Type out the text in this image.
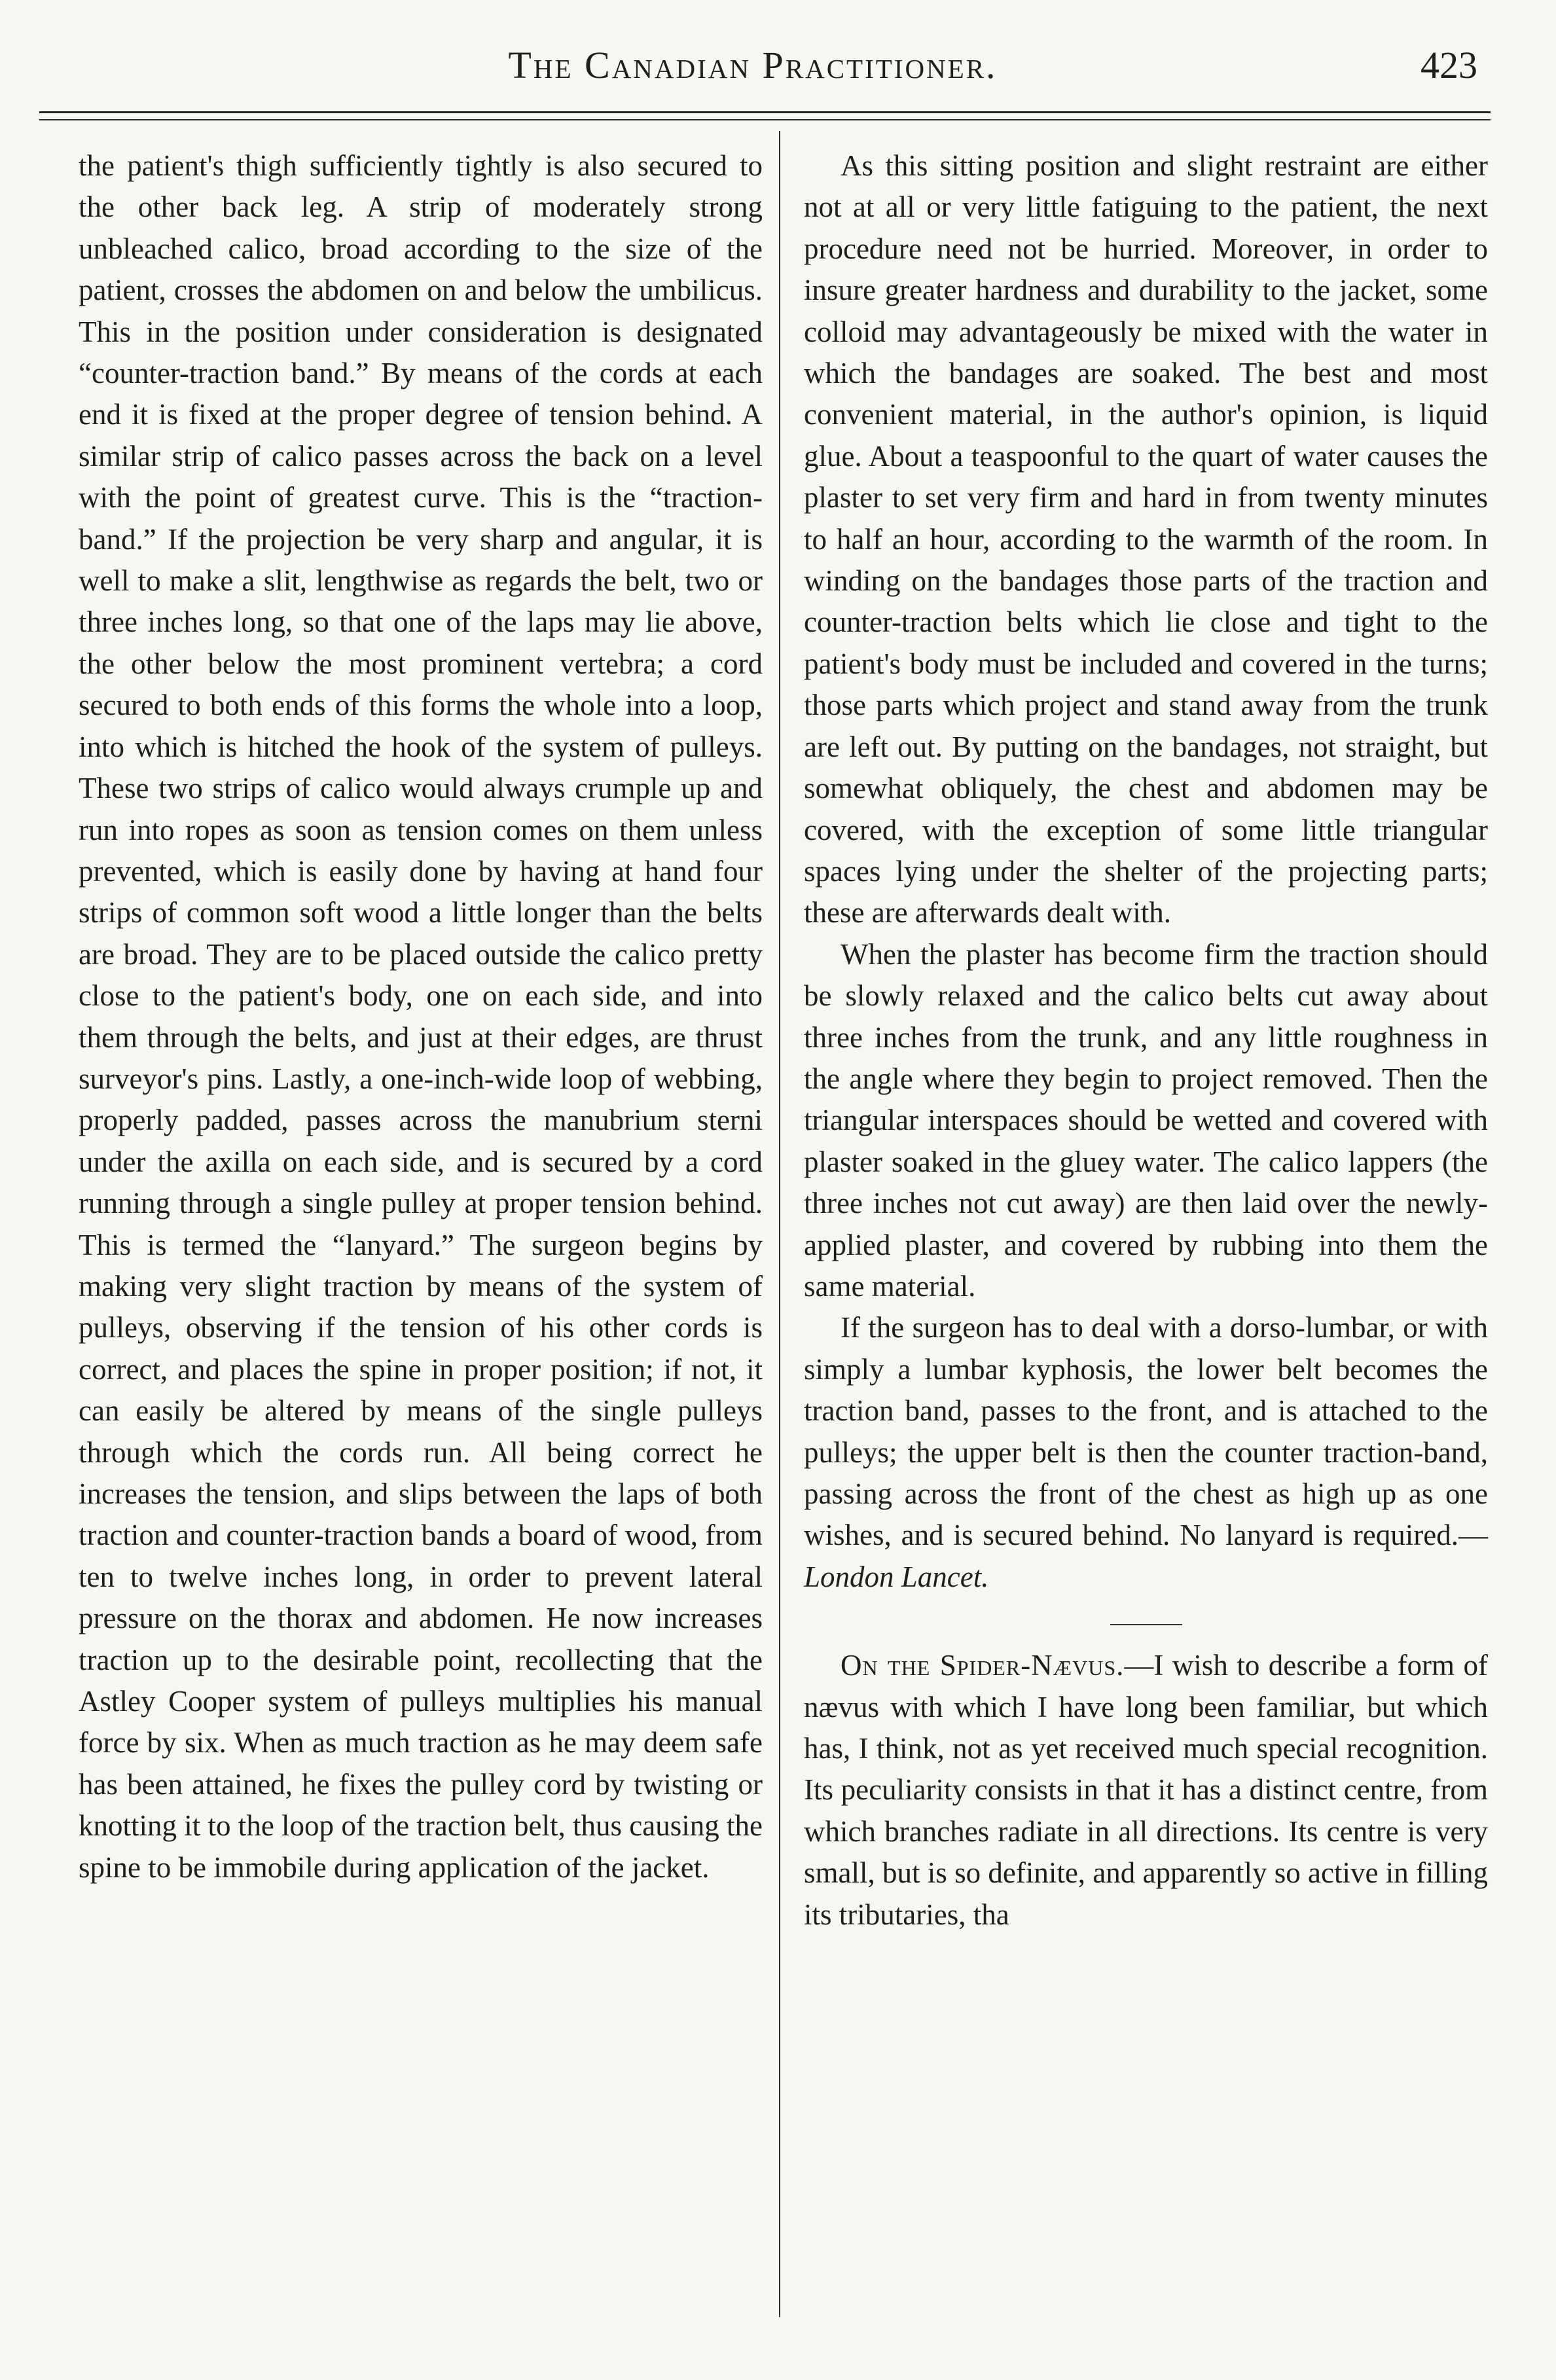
The Canadian Practitioner.	423

the patient's thigh sufficiently tightly is also secured to the other back leg. A strip of moderately strong unbleached calico, broad according to the size of the patient, crosses the abdomen on and below the umbilicus. This in the position under consideration is designated “counter-traction band.” By means of the cords at each end it is fixed at the proper degree of tension behind. A similar strip of calico passes across the back on a level with the point of greatest curve. This is the “traction-band.” If the projection be very sharp and angular, it is well to make a slit, lengthwise as regards the belt, two or three inches long, so that one of the laps may lie above, the other below the most prominent vertebra; a cord secured to both ends of this forms the whole into a loop, into which is hitched the hook of the system of pulleys. These two strips of calico would always crumple up and run into ropes as soon as tension comes on them unless prevented, which is easily done by having at hand four strips of common soft wood a little longer than the belts are broad. They are to be placed outside the calico pretty close to the patient's body, one on each side, and into them through the belts, and just at their edges, are thrust surveyor's pins. Lastly, a one-inch-wide loop of webbing, properly padded, passes across the manubrium sterni under the axilla on each side, and is secured by a cord running through a single pulley at proper tension behind. This is termed the “lanyard.” The surgeon begins by making very slight traction by means of the system of pulleys, observing if the tension of his other cords is correct, and places the spine in proper position; if not, it can easily be altered by means of the single pulleys through which the cords run. All being correct he increases the tension, and slips between the laps of both traction and counter-traction bands a board of wood, from ten to twelve inches long, in order to prevent lateral pressure on the thorax and abdomen. He now increases traction up to the desirable point, recollecting that the Astley Cooper system of pulleys multiplies his manual force by six. When as much traction as he may deem safe has been attained, he fixes the pulley cord by twisting or knotting it to the loop of the traction belt, thus causing the spine to be immobile during application of the jacket.

As this sitting position and slight restraint are either not at all or very little fatiguing to the patient, the next procedure need not be hurried. Moreover, in order to insure greater hardness and durability to the jacket, some colloid may advantageously be mixed with the water in which the bandages are soaked. The best and most convenient material, in the author's opinion, is liquid glue. About a teaspoonful to the quart of water causes the plaster to set very firm and hard in from twenty minutes to half an hour, according to the warmth of the room. In winding on the bandages those parts of the traction and counter-traction belts which lie close and tight to the patient's body must be included and covered in the turns; those parts which project and stand away from the trunk are left out. By putting on the bandages, not straight, but somewhat obliquely, the chest and abdomen may be covered, with the exception of some little triangular spaces lying under the shelter of the projecting parts; these are afterwards dealt with.

When the plaster has become firm the traction should be slowly relaxed and the calico belts cut away about three inches from the trunk, and any little roughness in the angle where they begin to project removed. Then the triangular interspaces should be wetted and covered with plaster soaked in the gluey water. The calico lappers (the three inches not cut away) are then laid over the newly-applied plaster, and covered by rubbing into them the same material.

If the surgeon has to deal with a dorso-lumbar, or with simply a lumbar kyphosis, the lower belt becomes the traction band, passes to the front, and is attached to the pulleys; the upper belt is then the counter traction-band, passing across the front of the chest as high up as one wishes, and is secured behind. No lanyard is required.—London Lancet.

On the Spider-Nævus.—I wish to describe a form of nævus with which I have long been familiar, but which has, I think, not as yet received much special recognition. Its peculiarity consists in that it has a distinct centre, from which branches radiate in all directions. Its centre is very small, but is so definite, and apparently so active in filling its tributaries, tha
